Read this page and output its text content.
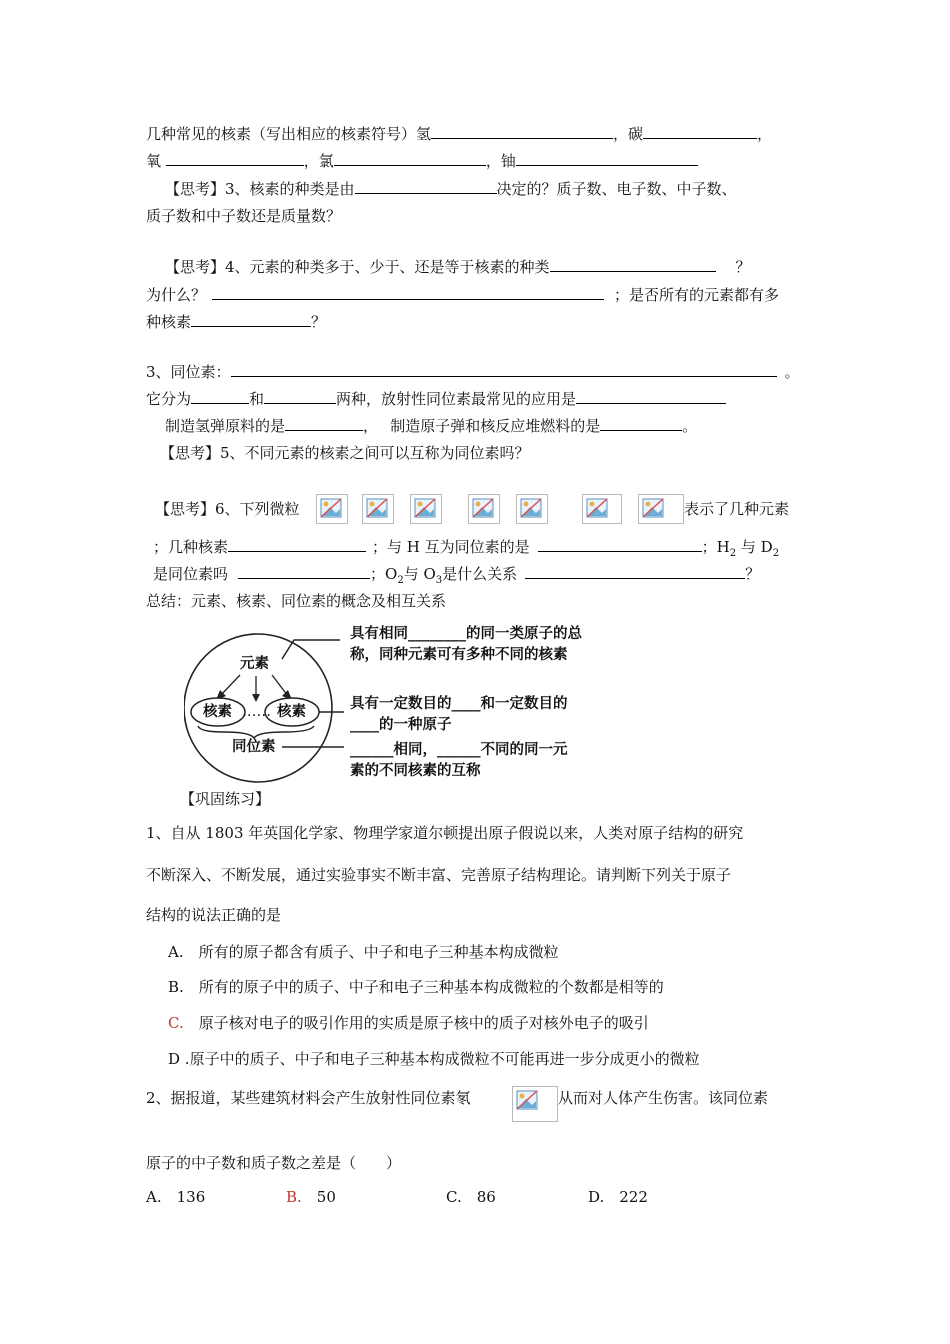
几种常见的核素（写出相应的核素符号）氢	，碳	，
氧	，氯	，铀
【思考】3、核素的种类是由	决定的？质子数、电子数、中子数、
质子数和中子数还是质量数？
【思考】4、元素的种类多于、少于、还是等于核素的种类	？
为什么？	；是否所有的元素都有多
种核素	？
3、同位素：	。
它分为	和	两种，放射性同位素最常见的应用是
制造氢弹原料的是	，　 制造原子弹和核反应堆燃料的是	。
【思考】5、不同元素的核素之间可以互称为同位素吗？
【思考】6、下列微粒	表示了几种元素
；几种核素	；与 H 互为同位素的是	；$H_2$ 与 $D_2$
是同位素吗	；$O_2$与 $O_3$是什么关系	？
总结：元素、核素、同位素的概念及相互关系
元素
核素 …… 核素
同位素
具有相同________的同一类原子的总
称，同种元素可有多种不同的核素
具有一定数目的____和一定数目的
____的一种原子
______相同，______不同的同一元
素的不同核素的互称
【巩固练习】
1、自从 1803 年英国化学家、物理学家道尔顿提出原子假说以来，人类对原子结构的研究
不断深入、不断发展，通过实验事实不断丰富、完善原子结构理论。请判断下列关于原子
结构的说法正确的是
A.　所有的原子都含有质子、中子和电子三种基本构成微粒
B.　所有的原子中的质子、中子和电子三种基本构成微粒的个数都是相等的
C.　原子核对电子的吸引作用的实质是原子核中的质子对核外电子的吸引
D .原子中的质子、中子和电子三种基本构成微粒不可能再进一步分成更小的微粒
2、据报道，某些建筑材料会产生放射性同位素氡	从而对人体产生伤害。该同位素
原子的中子数和质子数之差是（　　）
A.　136	B.　50	C.　86	D.　222
